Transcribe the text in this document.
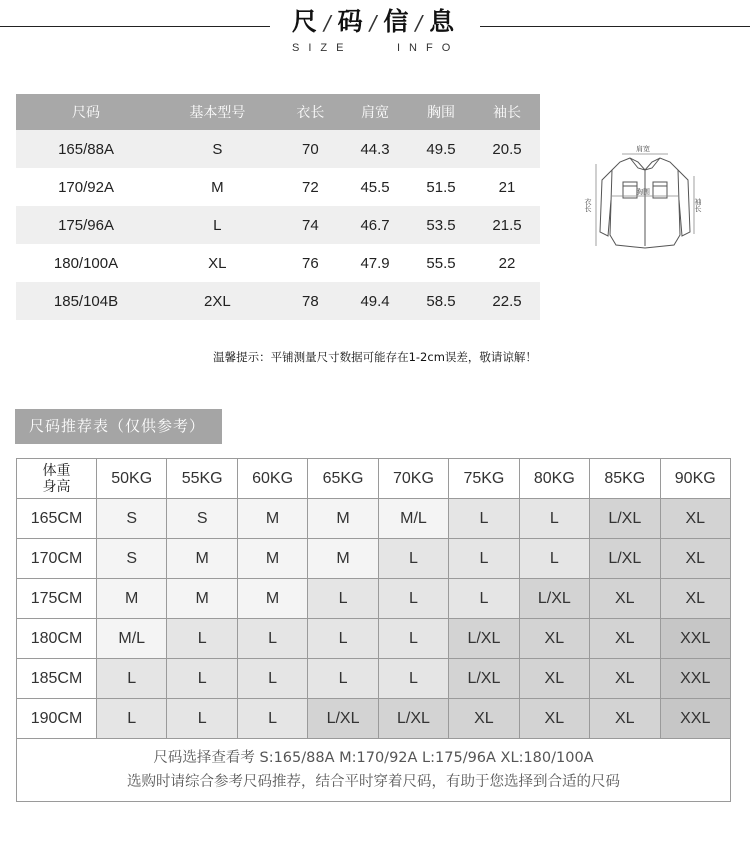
尺 / 码 / 信 / 息
SIZE	INFO
尺码	基本型号	衣长	肩宽	胸围	袖长
165/88A	S	70	44.3	49.5	20.5
170/92A	M	72	45.5	51.5	21
175/96A	L	74	46.7	53.5	21.5
180/100A	XL	76	47.9	55.5	22
185/104B	2XL	78	49.4	58.5	22.5
肩宽
胸围
衣长	袖长
温馨提示：平铺测量尺寸数据可能存在1-2cm误差，敬请谅解！
尺码推荐表（仅供参考）
体重
身高	50KG	55KG	60KG	65KG	70KG	75KG	80KG	85KG	90KG
165CM	S	S	M	M	M/L	L	L	L/XL	XL
170CM	S	M	M	M	L	L	L	L/XL	XL
175CM	M	M	M	L	L	L	L/XL	XL	XL
180CM	M/L	L	L	L	L	L/XL	XL	XL	XXL
185CM	L	L	L	L	L	L/XL	XL	XL	XXL
190CM	L	L	L	L/XL	L/XL	XL	XL	XL	XXL

尺码选择查看考 S:165/88A M:170/92A L:175/96A XL:180/100A
选购时请综合参考尺码推荐，结合平时穿着尺码，有助于您选择到合适的尺码									
